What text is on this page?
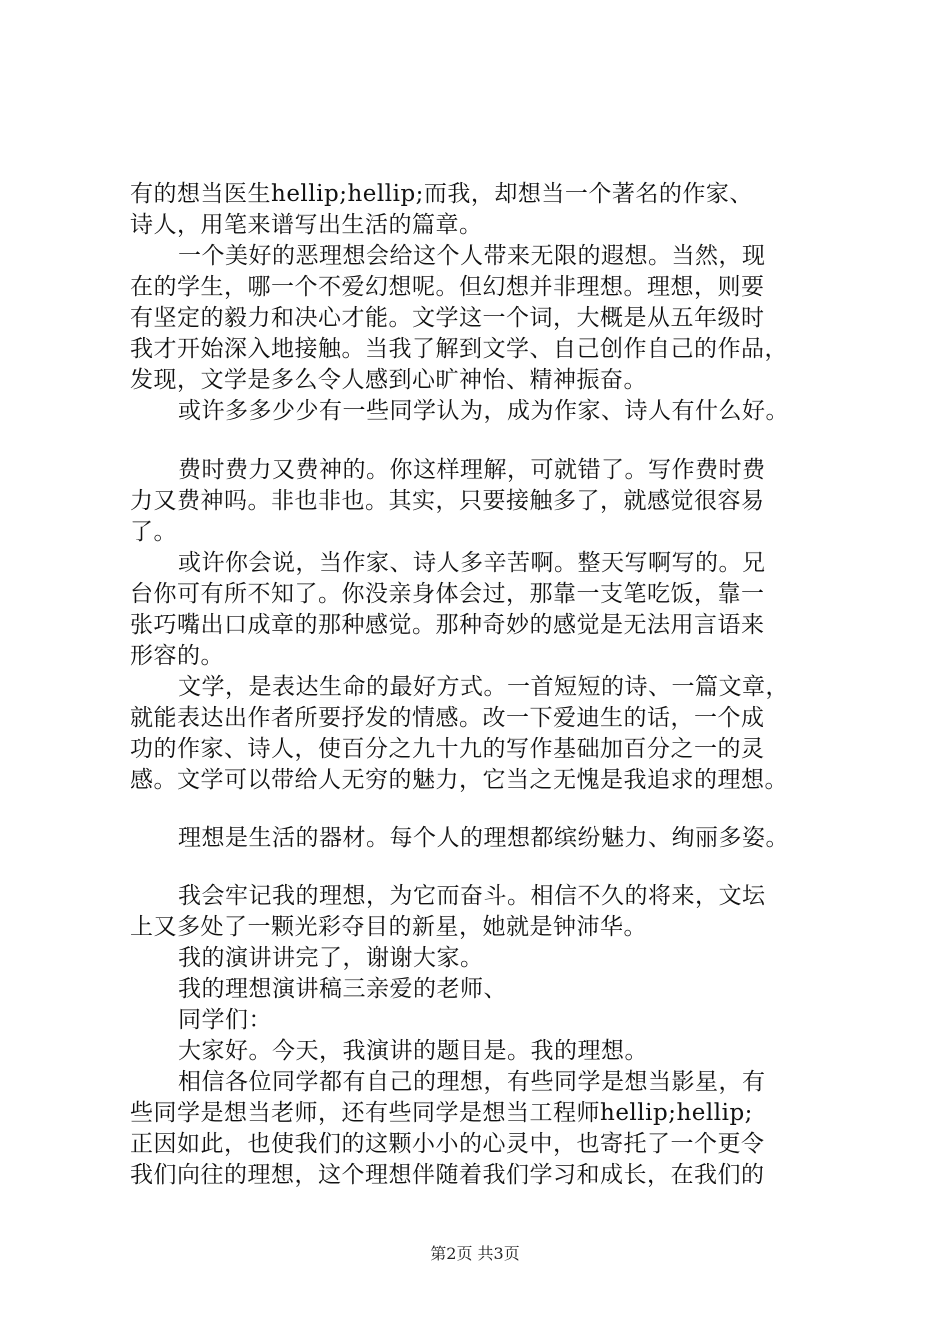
有的想当医生hellip;hellip;而我，却想当一个著名的作家、
诗人，用笔来谱写出生活的篇章。
一个美好的恶理想会给这个人带来无限的遐想。当然，现
在的学生，哪一个不爱幻想呢。但幻想并非理想。理想，则要
有坚定的毅力和决心才能。文学这一个词，大概是从五年级时
我才开始深入地接触。当我了解到文学、自己创作自己的作品，
发现，文学是多么令人感到心旷神怡、精神振奋。
或许多多少少有一些同学认为，成为作家、诗人有什么好。
费时费力又费神的。你这样理解，可就错了。写作费时费
力又费神吗。非也非也。其实，只要接触多了，就感觉很容易
了。
或许你会说，当作家、诗人多辛苦啊。整天写啊写的。兄
台你可有所不知了。你没亲身体会过，那靠一支笔吃饭，靠一
张巧嘴出口成章的那种感觉。那种奇妙的感觉是无法用言语来
形容的。
文学，是表达生命的最好方式。一首短短的诗、一篇文章，
就能表达出作者所要抒发的情感。改一下爱迪生的话，一个成
功的作家、诗人，使百分之九十九的写作基础加百分之一的灵
感。文学可以带给人无穷的魅力，它当之无愧是我追求的理想。
理想是生活的器材。每个人的理想都缤纷魅力、绚丽多姿。
我会牢记我的理想，为它而奋斗。相信不久的将来，文坛
上又多处了一颗光彩夺目的新星，她就是钟沛华。
我的演讲讲完了，谢谢大家。
我的理想演讲稿三亲爱的老师、
同学们：
大家好。今天，我演讲的题目是。我的理想。
相信各位同学都有自己的理想，有些同学是想当影星，有
些同学是想当老师，还有些同学是想当工程师hellip;hellip;
正因如此，也使我们的这颗小小的心灵中，也寄托了一个更令
我们向往的理想，这个理想伴随着我们学习和成长，在我们的
第2页 共3页
